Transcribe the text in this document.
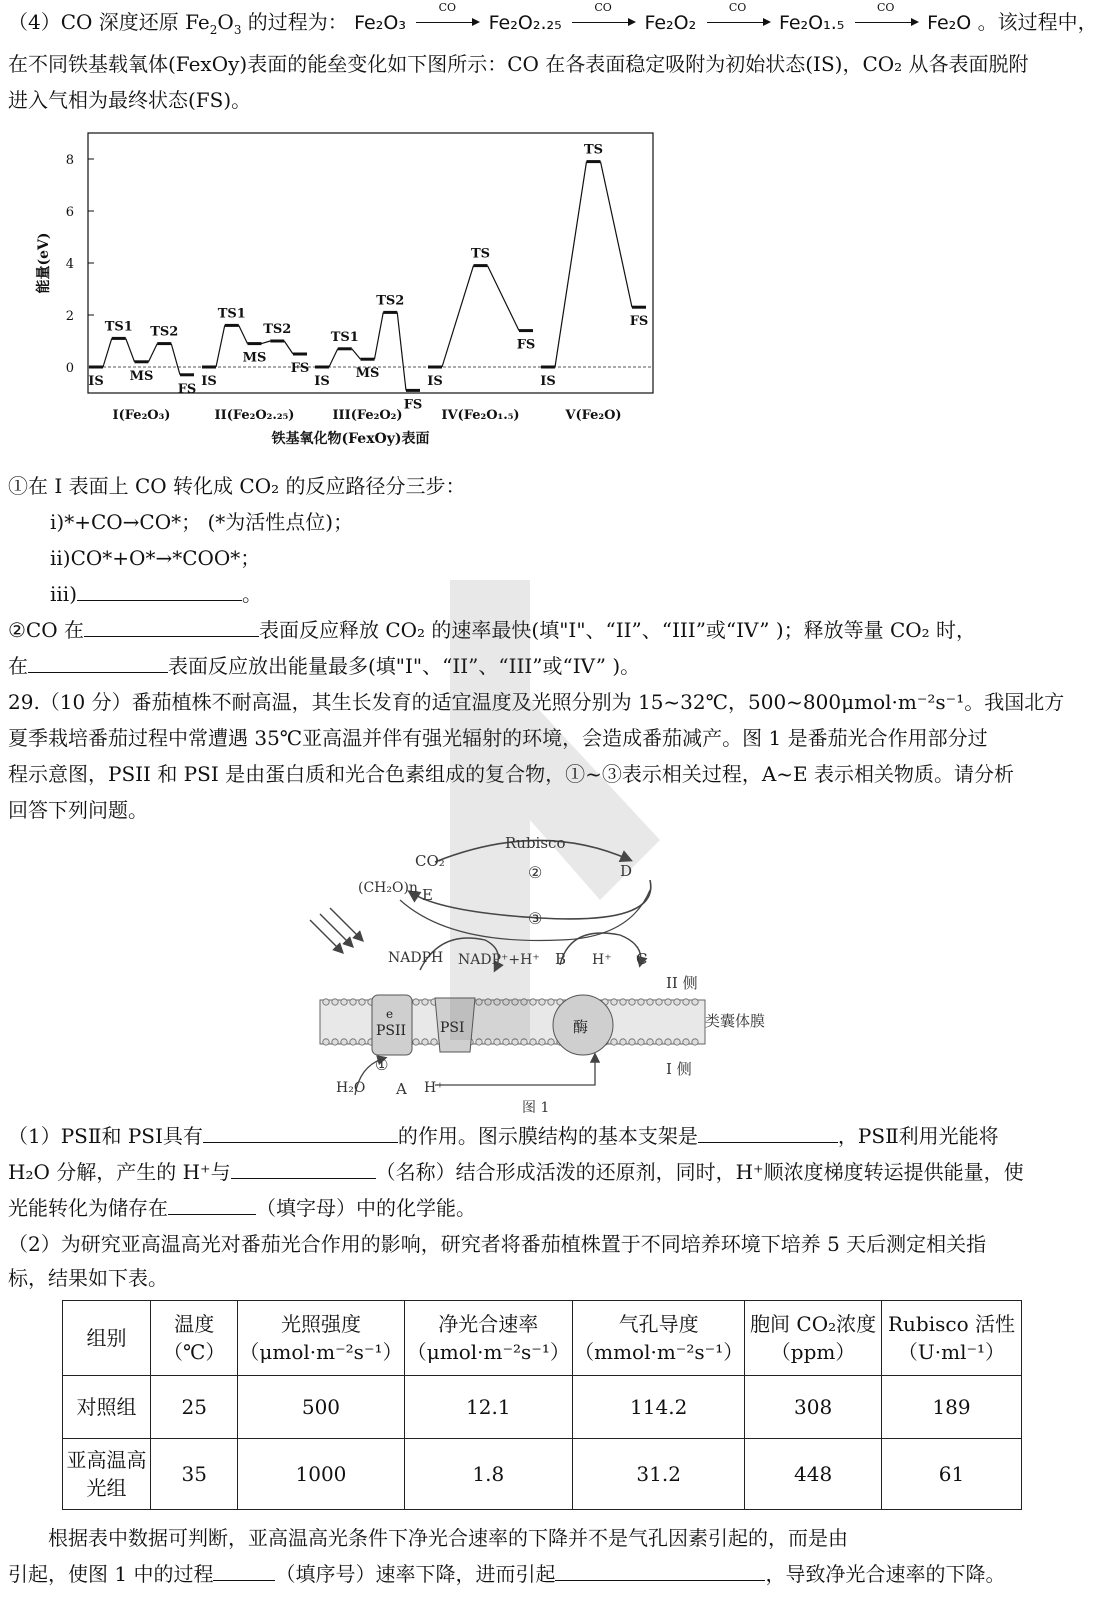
（4）CO 深度还原 $Fe_2O_3$ 的过程为： Fe₂O₃
CO
Fe₂O₂.₂₅
CO
Fe₂O₂
CO
Fe₂O₁.₅
CO
Fe₂O 。该过程中，
在不同铁基载氧体(FexOy)表面的能垒变化如下图所示：CO 在各表面稳定吸附为初始状态(IS)，CO₂ 从各表面脱附
进入气相为最终状态(FS)。
0
2
4
6
8
能量(eV)
铁基氧化物(FexOy)表面
IS
TS1
MS
TS2
FS
I(Fe₂O₃)
IS
TS1
MS
TS2
FS
II(Fe₂O₂.₂₅)
IS
TS1
MS
TS2
FS
III(Fe₂O₂)
IS
TS
FS
IV(Fe₂O₁.₅)
IS
TS
FS
V(Fe₂O)
①在 I 表面上 CO 转化成 CO₂ 的反应路径分三步：
i)*+CO→CO*； (*为活性点位)；
ii)CO*+O*→*COO*；
iii)	。
②CO 在	表面反应释放 CO₂ 的速率最快(填"I"、“II”、“III”或“IV” )；释放等量 CO₂ 时，
在	表面反应放出能量最多(填"I"、“II”、“III”或“IV” )。
29.（10 分）番茄植株不耐高温，其生长发育的适宜温度及光照分别为 15~32℃，500~800μmol·m⁻²s⁻¹。我国北方
夏季栽培番茄过程中常遭遇 35℃亚高温并伴有强光辐射的环境，会造成番茄减产。图 1 是番茄光合作用部分过
程示意图，PSII 和 PSI 是由蛋白质和光合色素组成的复合物，①~③表示相关过程，A~E 表示相关物质。请分析
回答下列问题。
Rubisco
CO₂
D
(CH₂O)n E
②
③
NADPH NADP⁺+H⁺ B H⁺ C
II 侧
类囊体膜
PSII
e
PSI	酶
①
H₂O A H⁺
I 侧
图 1
（1）PSⅡ和 PSⅠ具有	的作用。图示膜结构的基本支架是	，PSⅡ利用光能将
H₂O 分解，产生的 H⁺与	（名称）结合形成活泼的还原剂，同时，H⁺顺浓度梯度转运提供能量，使
光能转化为储存在	（填字母）中的化学能。
（2）为研究亚高温高光对番茄光合作用的影响，研究者将番茄植株置于不同培养环境下培养 5 天后测定相关指
标，结果如下表。
组别	温度（℃）	光照强度（μmol·m⁻²s⁻¹）	净光合速率（μmol·m⁻²s⁻¹）	气孔导度（mmol·m⁻²s⁻¹）	胞间 CO₂浓度（ppm）	Rubisco 活性（U·ml⁻¹）
对照组	25	500	12.1	114.2	308	189
亚高温高光组	35	1000	1.8	31.2	448	61
根据表中数据可判断，亚高温高光条件下净光合速率的下降并不是气孔因素引起的，而是由
引起，使图 1 中的过程	（填序号）速率下降，进而引起	，导致净光合速率的下降。
